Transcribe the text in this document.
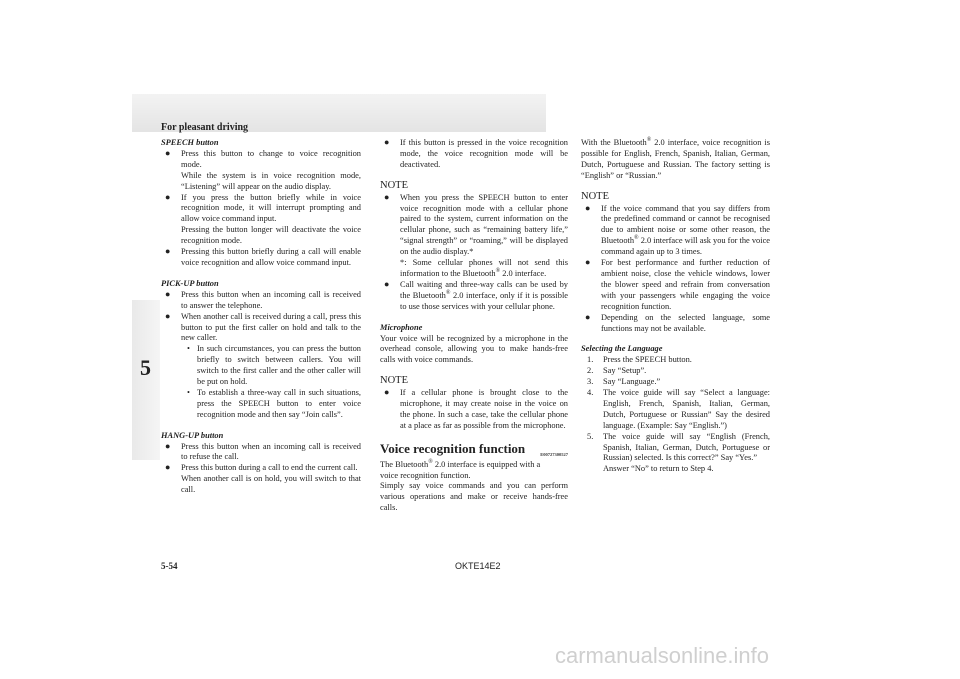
For pleasant driving
5
SPEECH button
● Press this button to change to voice recognition mode.
While the system is in voice recognition mode, “Listening” will appear on the audio display.
● If you press the button briefly while in voice recognition mode, it will interrupt prompting and allow voice command input.
Pressing the button longer will deactivate the voice recognition mode.
● Pressing this button briefly during a call will enable voice recognition and allow voice command input.
PICK-UP button
● Press this button when an incoming call is received to answer the telephone.
● When another call is received during a call, press this button to put the first caller on hold and talk to the new caller.
• In such circumstances, you can press the button briefly to switch between callers. You will switch to the first caller and the other caller will be put on hold.
• To establish a three-way call in such situations, press the SPEECH button to enter voice recognition mode and then say “Join calls”.
HANG-UP button
● Press this button when an incoming call is received to refuse the call.
● Press this button during a call to end the current call.
When another call is on hold, you will switch to that call.
● If this button is pressed in the voice recognition mode, the voice recognition mode will be deactivated.
NOTE
● When you press the SPEECH button to enter voice recognition mode with a cellular phone paired to the system, current information on the cellular phone, such as “remaining battery life,” “signal strength” or “roaming,” will be displayed on the audio display.*
*: Some cellular phones will not send this information to the Bluetooth® 2.0 interface.
● Call waiting and three-way calls can be used by the Bluetooth® 2.0 interface, only if it is possible to use those services with your cellular phone.
Microphone
Your voice will be recognized by a microphone in the overhead console, allowing you to make hands-free calls with voice commands.
NOTE
● If a cellular phone is brought close to the microphone, it may create noise in the voice on the phone. In such a case, take the cellular phone at a place as far as possible from the microphone.
Voice recognition function	E00727300527
The Bluetooth® 2.0 interface is equipped with a voice recognition function.
Simply say voice commands and you can perform various operations and make or receive hands-free calls.
With the Bluetooth® 2.0 interface, voice recognition is possible for English, French, Spanish, Italian, German, Dutch, Portuguese and Russian. The factory setting is “English” or “Russian.”
NOTE
● If the voice command that you say differs from the predefined command or cannot be recognised due to ambient noise or some other reason, the Bluetooth® 2.0 interface will ask you for the voice command again up to 3 times.
● For best performance and further reduction of ambient noise, close the vehicle windows, lower the blower speed and refrain from conversation with your passengers while engaging the voice recognition function.
● Depending on the selected language, some functions may not be available.
Selecting the Language
1. Press the SPEECH button.
2. Say “Setup”.
3. Say “Language.”
4. The voice guide will say “Select a language: English, French, Spanish, Italian, German, Dutch, Portuguese or Russian” Say the desired language. (Example: Say “English.”)
5. The voice guide will say “English (French, Spanish, Italian, German, Dutch, Portuguese or Russian) selected. Is this correct?” Say “Yes.”
Answer “No” to return to Step 4.
5-54	OKTE14E2
carmanualsonline.info
